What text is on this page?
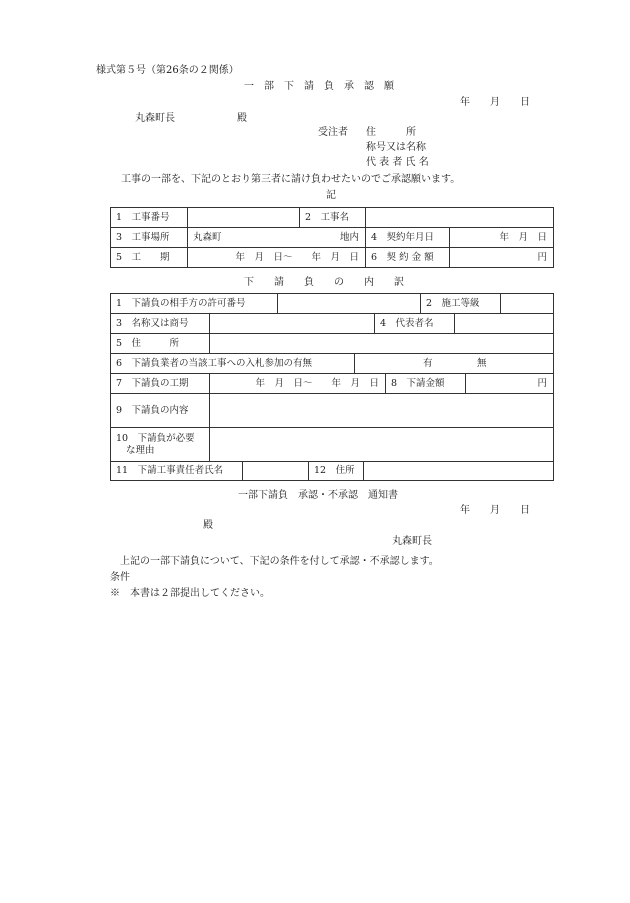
様式第５号（第26条の２関係）
一　部　下　請　負　承　認　願
年　　月　　日
丸森町長	殿
受注者 住　　　所
称号又は名称
代 表 者 氏 名
工事の一部を、下記のとおり第三者に請け負わせたいのでご承認願います。
記
1　工事番号	2　工事名
3　工事場所 丸森町	地内 4　契約年月日	年　月　日
5　工　　期	年　月　日～　　年　月　日 6　契 約 金 額	円
下　　請　　負　　の　　内　　訳
1　下請負の相手方の許可番号	2　施工等級
3　名称又は商号	4　代表者名
5　住　　　所
6　下請負業者の当該工事への入札参加の有無	有	無
7　下請負の工期	年　月　日～　　年　月　日 8　下請金額	円
9　下請負の内容
10　下請負が必要
な理由
11　下請工事責任者氏名	12　住所
一部下請負　承認・不承認　通知書
年　　月　　日
殿
丸森町長
上記の一部下請負について、下記の条件を付して承認・不承認します。
条件
※　本書は２部提出してください。
